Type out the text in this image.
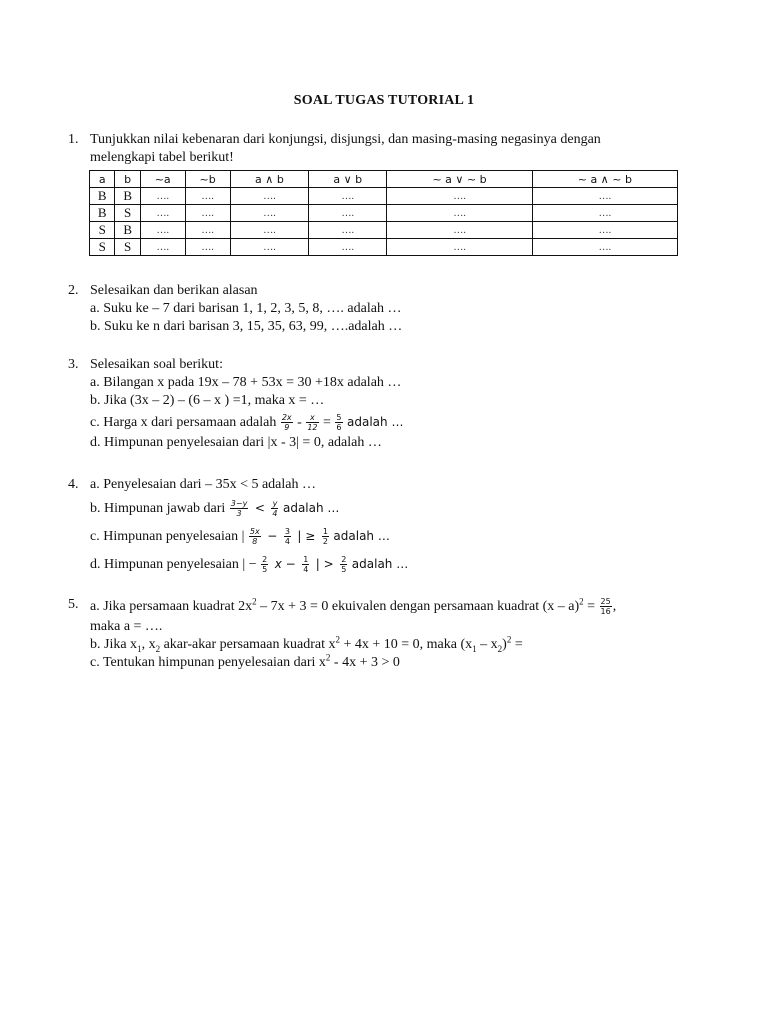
SOAL TUGAS TUTORIAL 1
1. Tunjukkan nilai kebenaran dari konjungsi, disjungsi, dan masing-masing negasinya dengan
melengkapi tabel berikut!
a	b	~a	~b	a ∧ b	a ∨ b	~ a ∨ ~ b	~ a ∧ ~ b
B	B	….	….	….	….	….	….
B	S	….	….	….	….	….	….
S	B	….	….	….	….	….	….
S	S	….	….	….	….	….	….
2. Selesaikan dan berikan alasan
a. Suku ke – 7 dari barisan 1, 1, 2, 3, 5, 8, …. adalah …
b. Suku ke n dari barisan 3, 15, 35, 63, 99, ….adalah …
3. Selesaikan soal berikut:
a. Bilangan x pada 19x – 78 + 53x = 30 +18x adalah …
b. Jika (3x – 2) – (6 – x ) =1, maka x = …
c. Harga x dari persamaan adalah $\frac{2x}{9} - \frac{x}{12} = \frac{5}{6}$ adalah …
d. Himpunan penyelesaian dari |x - 3| = 0, adalah …
4. a. Penyelesaian dari – 35x < 5 adalah …
b. Himpunan jawab dari $\frac{3-y}{3} < \frac{y}{4}$ adalah …
c. Himpunan penyelesaian | $\frac{5x}{8} - \frac{3}{4}$ | ≥ $\frac{1}{2}$ adalah …
d. Himpunan penyelesaian | − $\frac{2}{5}$ $x - \frac{1}{4}$ | > $\frac{2}{5}$ adalah …
5. a. Jika persamaan kuadrat $2x^2 - 7x + 3 = 0$ ekuivalen dengan persamaan kuadrat $(x - a)^2 = \frac{25}{16}$ ,
maka a = ….
b. Jika $x_1$, $x_2$ akar-akar persamaan kuadrat $x^2 + 4x + 10 = 0$, maka $(x_1 - x_2)^2$ =
c. Tentukan himpunan penyelesaian dari $x^2 - 4x + 3 > 0$
